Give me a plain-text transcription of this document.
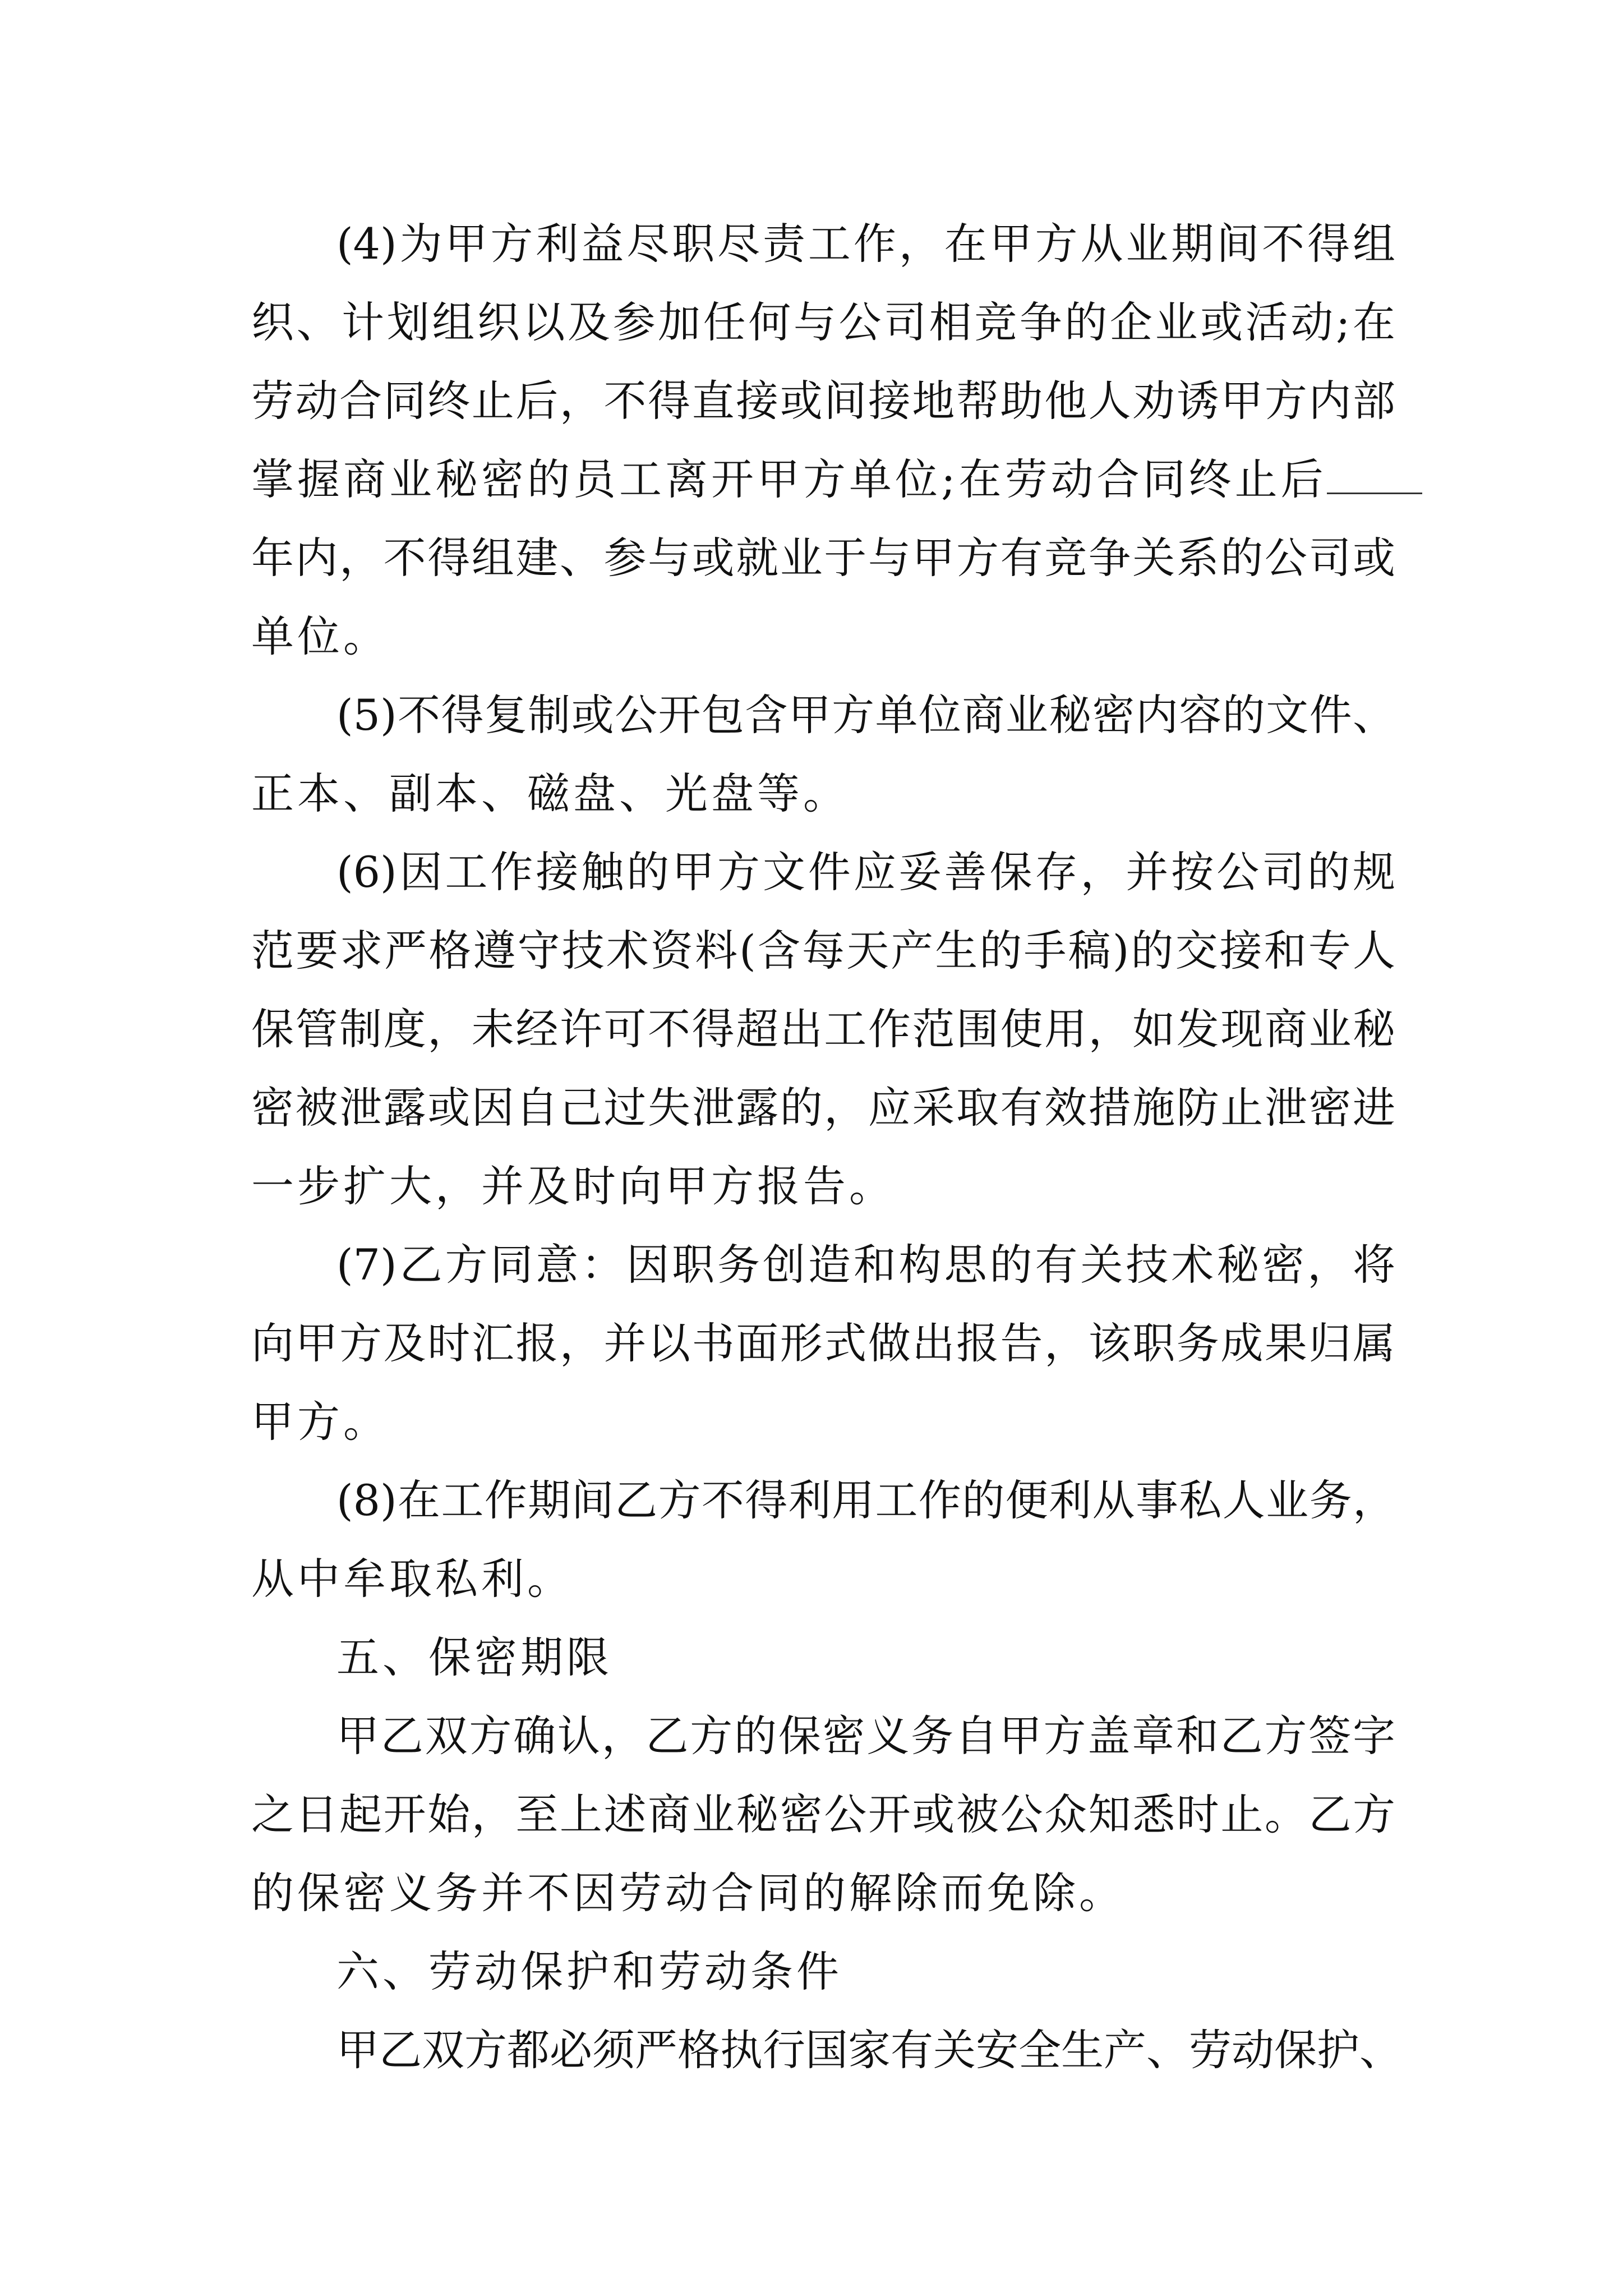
(4)为甲方利益尽职尽责工作，在甲方从业期间不得组
织、计划组织以及参加任何与公司相竞争的企业或活动;在
劳动合同终止后，不得直接或间接地帮助他人劝诱甲方内部
掌握商业秘密的员工离开甲方单位;在劳动合同终止后
年内，不得组建、参与或就业于与甲方有竞争关系的公司或
单位。
(5)不得复制或公开包含甲方单位商业秘密内容的文件、
正本、副本、磁盘、光盘等。
(6)因工作接触的甲方文件应妥善保存，并按公司的规
范要求严格遵守技术资料(含每天产生的手稿)的交接和专人
保管制度，未经许可不得超出工作范围使用，如发现商业秘
密被泄露或因自己过失泄露的，应采取有效措施防止泄密进
一步扩大，并及时向甲方报告。
(7)乙方同意：因职务创造和构思的有关技术秘密，将
向甲方及时汇报，并以书面形式做出报告，该职务成果归属
甲方。
(8)在工作期间乙方不得利用工作的便利从事私人业务，
从中牟取私利。
五、保密期限
甲乙双方确认，乙方的保密义务自甲方盖章和乙方签字
之日起开始，至上述商业秘密公开或被公众知悉时止。乙方
的保密义务并不因劳动合同的解除而免除。
六、劳动保护和劳动条件
甲乙双方都必须严格执行国家有关安全生产、劳动保护、
